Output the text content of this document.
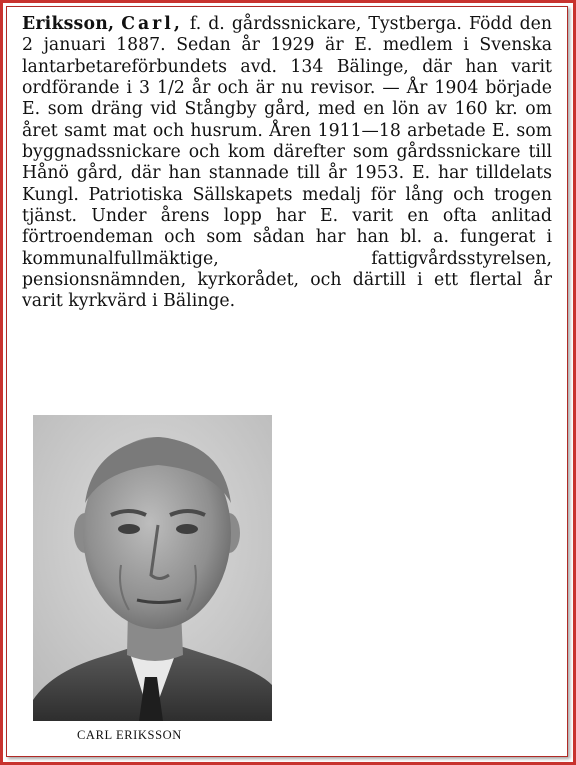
Eriksson, Carl, f. d. gårdssnickare, Tystberga. Född den 2 januari 1887. Sedan år 1929 är E. medlem i Svenska lantarbetareförbundets avd. 134 Bälinge, där han varit ordförande i 3 1/2 år och är nu revisor. — År 1904 började E. som dräng vid Stångby gård, med en lön av 160 kr. om året samt mat och husrum. Åren 1911—18 arbetade E. som byggnadssnickare och kom därefter som gårdssnickare till Hånö gård, där han stannade till år 1953. E. har tilldelats Kungl. Patriotiska Sällskapets medalj för lång och trogen tjänst. Under årens lopp har E. varit en ofta anlitad förtroendeman och som sådan har han bl. a. fungerat i kommunalfullmäktige, fattigvårdsstyrelsen, pensionsnämnden, kyrkorådet, och därtill i ett flertal år varit kyrkvärd i Bälinge.
CARL ERIKSSON
